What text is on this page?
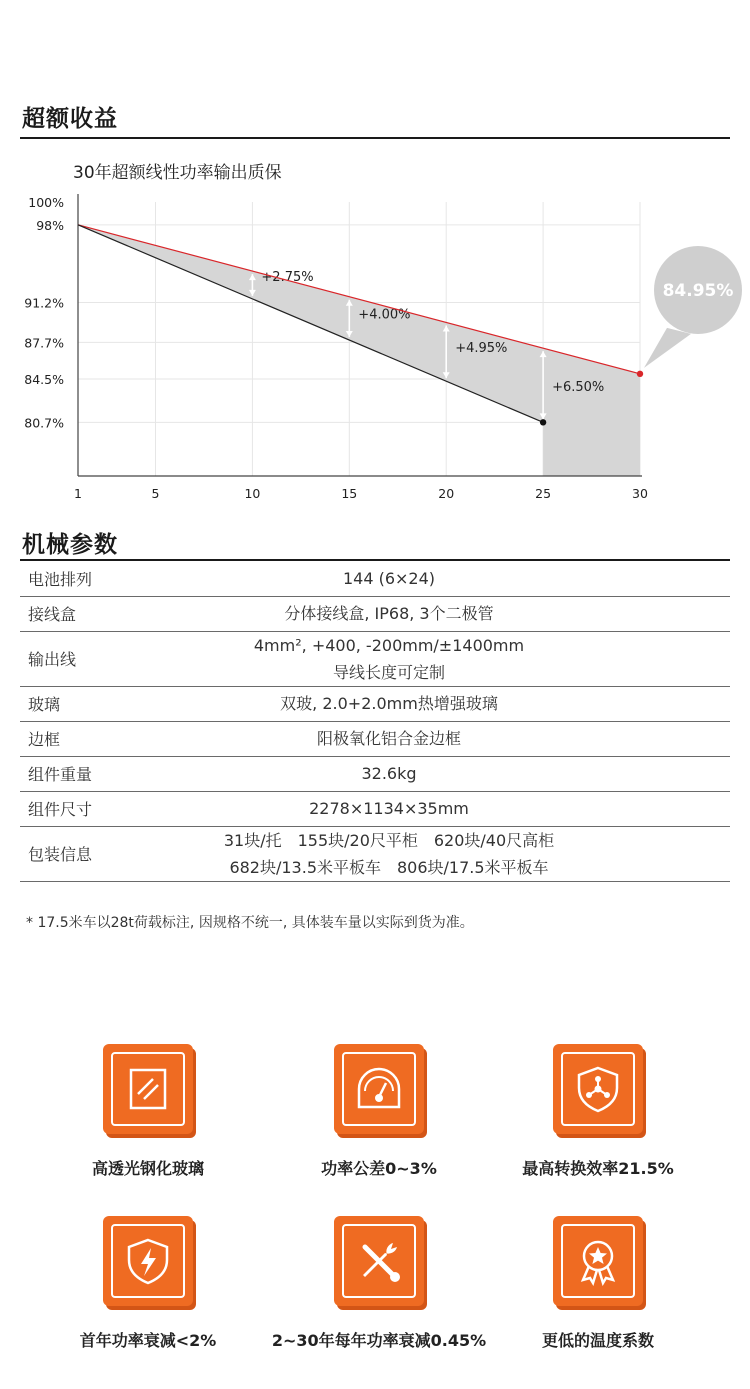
超额收益
30年超额线性功率输出质保
+2.75%
+4.00%
+4.95%
+6.50%
100%
98%
91.2%
87.7%
84.5%
80.7%
1	5	10	15	20	25	30
84.95%
机械参数
电池排列	144 (6×24)

接线盒	分体接线盒, IP68, 3个二极管

输出线	4mm², +400, -200mm/±1400mm
导线长度可定制

玻璃	双玻, 2.0+2.0mm热增强玻璃

边框	阳极氧化铝合金边框

组件重量	32.6kg

组件尺寸	2278×1134×35mm

包装信息	31块/托　155块/20尺平柜　620块/40尺高柜
682块/13.5米平板车　806块/17.5米平板车
* 17.5米车以28t荷载标注, 因规格不统一, 具体装车量以实际到货为准。
高透光钢化玻璃	功率公差0~3%	最高转换效率21.5%
首年功率衰减<2%	2~30年每年功率衰减0.45%	更低的温度系数
